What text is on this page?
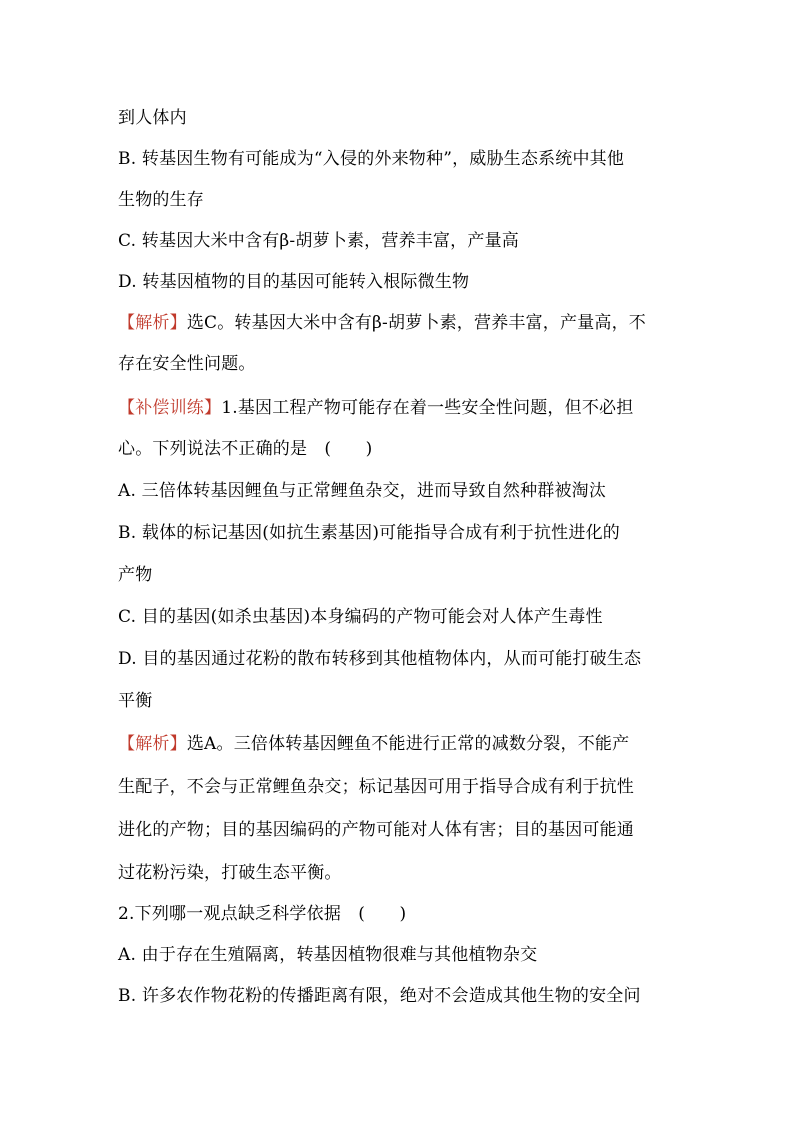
到人体内
B. 转基因生物有可能成为“入侵的外来物种”，威胁生态系统中其他
生物的生存
C. 转基因大米中含有β-胡萝卜素，营养丰富，产量高
D. 转基因植物的目的基因可能转入根际微生物
【解析】选C。转基因大米中含有β-胡萝卜素，营养丰富，产量高，不
存在安全性问题。
【补偿训练】1.基因工程产物可能存在着一些安全性问题，但不必担
心。下列说法不正确的是　(　　)
A. 三倍体转基因鲤鱼与正常鲤鱼杂交，进而导致自然种群被淘汰
B. 载体的标记基因(如抗生素基因)可能指导合成有利于抗性进化的
产物
C. 目的基因(如杀虫基因)本身编码的产物可能会对人体产生毒性
D. 目的基因通过花粉的散布转移到其他植物体内，从而可能打破生态
平衡
【解析】选A。三倍体转基因鲤鱼不能进行正常的减数分裂，不能产
生配子，不会与正常鲤鱼杂交；标记基因可用于指导合成有利于抗性
进化的产物；目的基因编码的产物可能对人体有害；目的基因可能通
过花粉污染，打破生态平衡。
2.下列哪一观点缺乏科学依据　(　　)
A. 由于存在生殖隔离，转基因植物很难与其他植物杂交
B. 许多农作物花粉的传播距离有限，绝对不会造成其他生物的安全问
